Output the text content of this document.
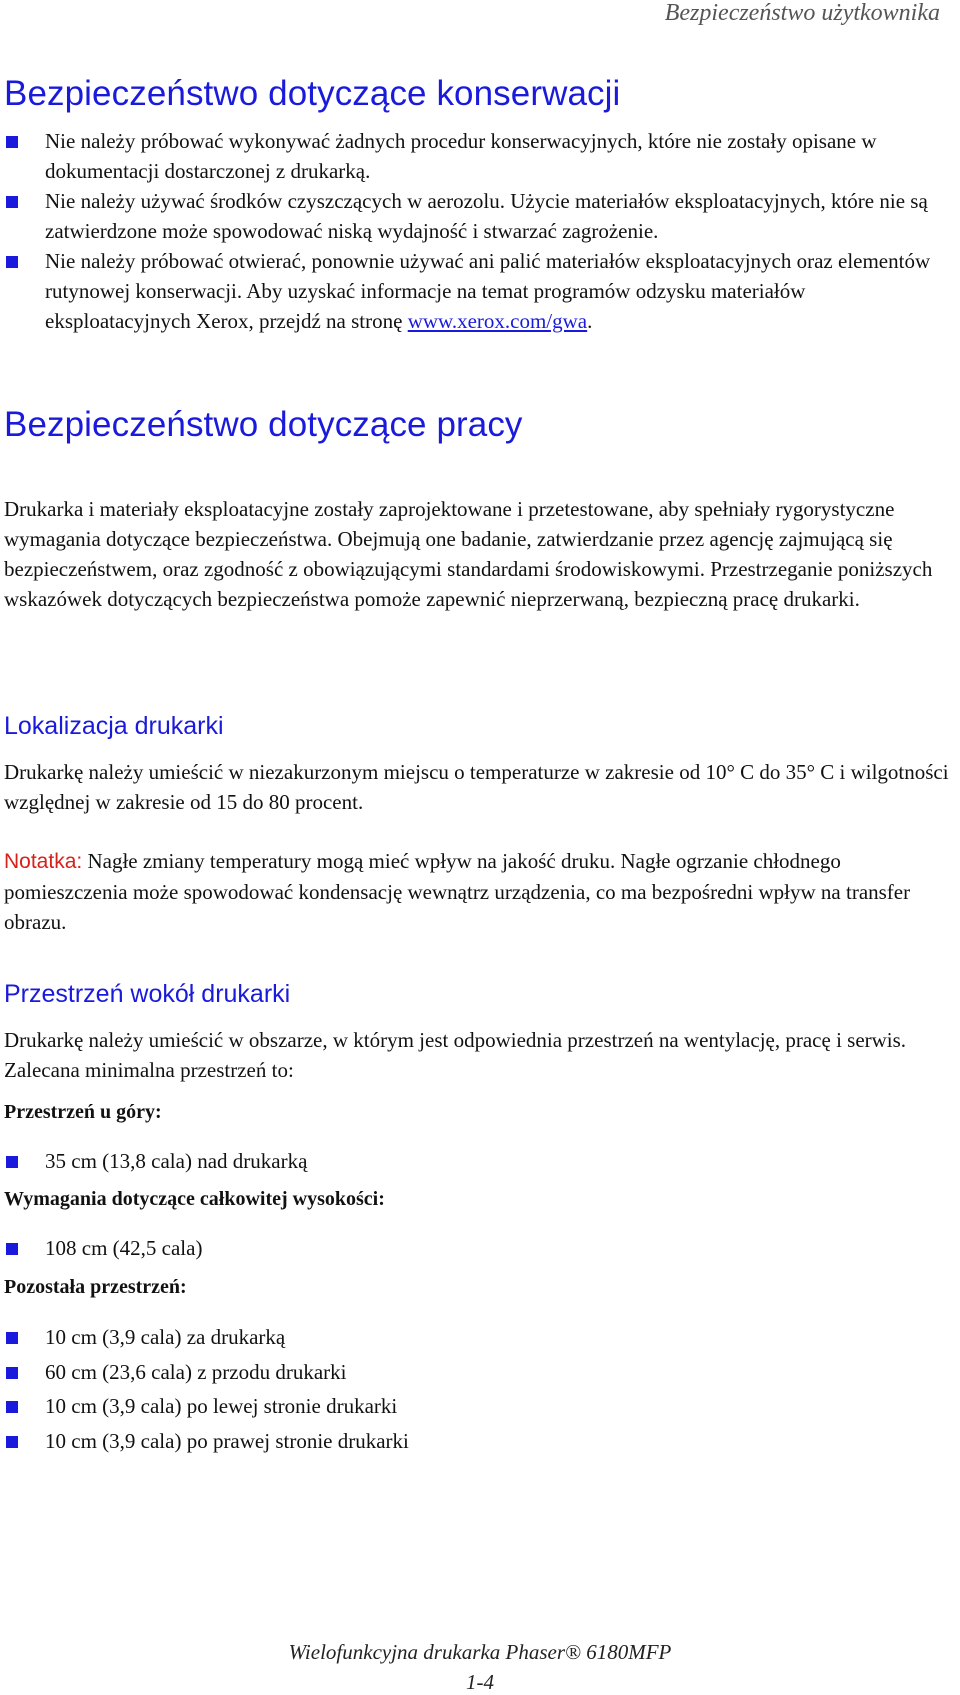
Bezpieczeństwo użytkownika
Bezpieczeństwo dotyczące konserwacji
Nie należy próbować wykonywać żadnych procedur konserwacyjnych, które nie zostały opisane w dokumentacji dostarczonej z drukarką.
Nie należy używać środków czyszczących w aerozolu. Użycie materiałów eksploatacyjnych, które nie są zatwierdzone może spowodować niską wydajność i stwarzać zagrożenie.
Nie należy próbować otwierać, ponownie używać ani palić materiałów eksploatacyjnych oraz elementów rutynowej konserwacji. Aby uzyskać informacje na temat programów odzysku materiałów eksploatacyjnych Xerox, przejdź na stronę www.xerox.com/gwa.
Bezpieczeństwo dotyczące pracy

Drukarka i materiały eksploatacyjne zostały zaprojektowane i przetestowane, aby spełniały rygorystyczne wymagania dotyczące bezpieczeństwa. Obejmują one badanie, zatwierdzanie przez agencję zajmującą się bezpieczeństwem, oraz zgodność z obowiązującymi standardami środowiskowymi. Przestrzeganie poniższych wskazówek dotyczących bezpieczeństwa pomoże zapewnić nieprzerwaną, bezpieczną pracę drukarki.

Lokalizacja drukarki

Drukarkę należy umieścić w niezakurzonym miejscu o temperaturze w zakresie od 10° C do 35° C i wilgotności względnej w zakresie od 15 do 80 procent.

Notatka: Nagłe zmiany temperatury mogą mieć wpływ na jakość druku. Nagłe ogrzanie chłodnego pomieszczenia może spowodować kondensację wewnątrz urządzenia, co ma bezpośredni wpływ na transfer obrazu.

Przestrzeń wokół drukarki

Drukarkę należy umieścić w obszarze, w którym jest odpowiednia przestrzeń na wentylację, pracę i serwis. Zalecana minimalna przestrzeń to:

Przestrzeń u góry:
35 cm (13,8 cala) nad drukarką
Wymagania dotyczące całkowitej wysokości:
108 cm (42,5 cala)
Pozostała przestrzeń:
10 cm (3,9 cala) za drukarką
60 cm (23,6 cala) z przodu drukarki
10 cm (3,9 cala) po lewej stronie drukarki
10 cm (3,9 cala) po prawej stronie drukarki
Wielofunkcyjna drukarka Phaser® 6180MFP
1-4
